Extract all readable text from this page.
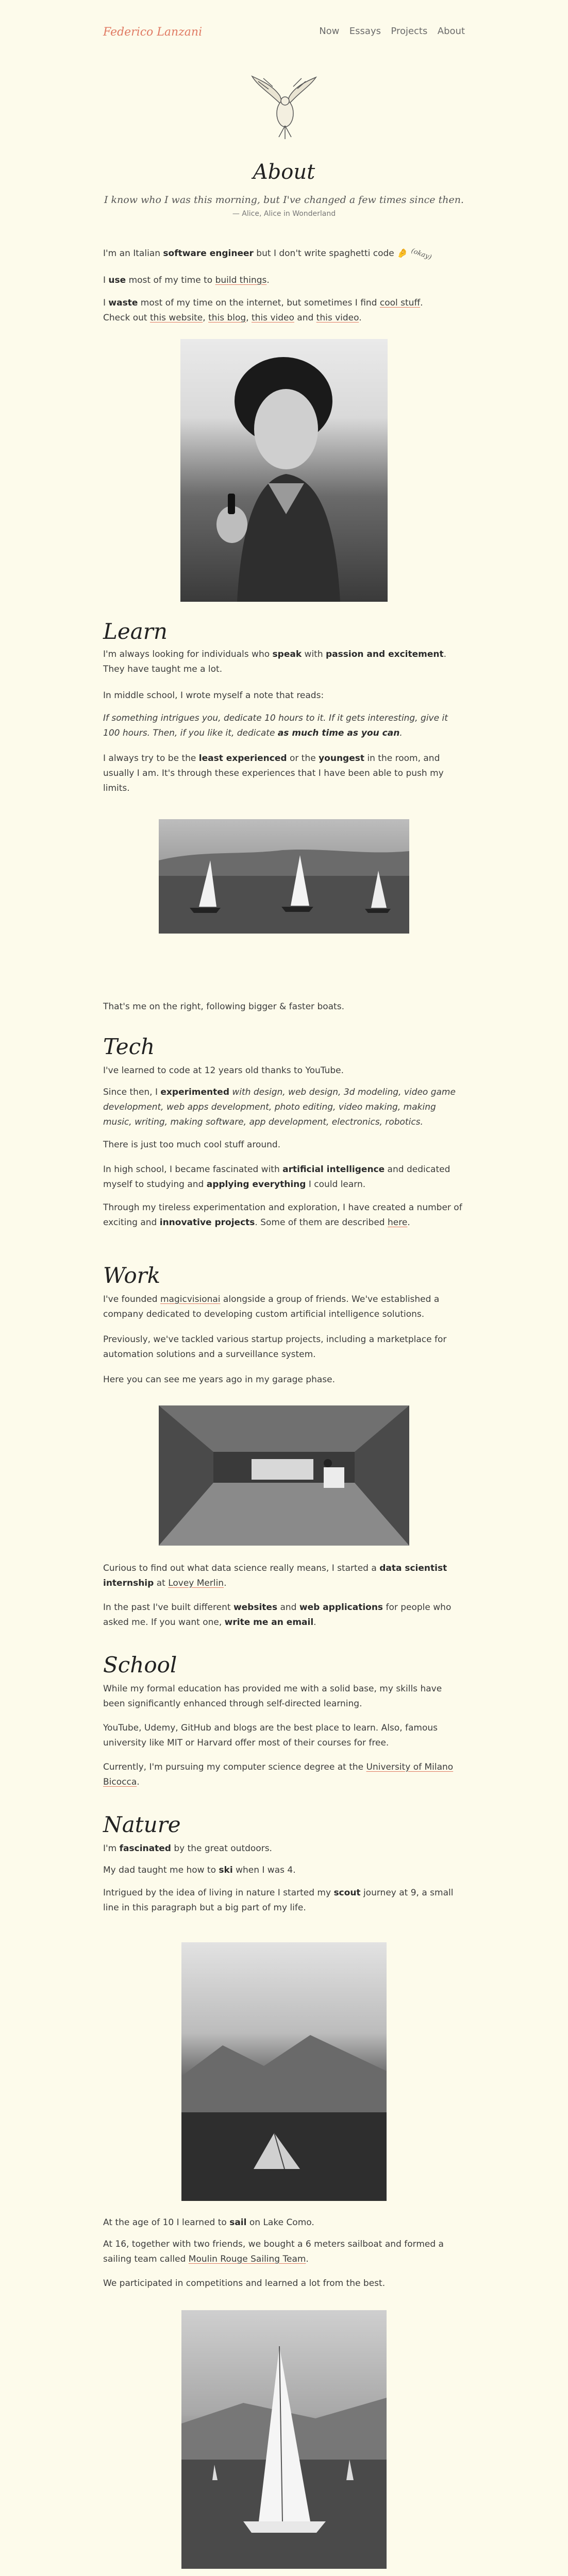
Federico Lanzani	Now Essays Projects About
About
I know who I was this morning, but I've changed a few times since then.
— Alice, Alice in Wonderland
I'm an Italian software engineer but I don't write spaghetti code 🤌 (okay)
I use most of my time to build things.
I waste most of my time on the internet, but sometimes I find cool stuff.
Check out this website, this blog, this video and this video.
Learn
I'm always looking for individuals who speak with passion and excitement. They have taught me a lot.
In middle school, I wrote myself a note that reads:
If something intrigues you, dedicate 10 hours to it. If it gets interesting, give it 100 hours. Then, if you like it, dedicate as much time as you can.
I always try to be the least experienced or the youngest in the room, and usually I am. It's through these experiences that I have been able to push my limits.
That's me on the right, following bigger & faster boats.
Tech
I've learned to code at 12 years old thanks to YouTube.
Since then, I experimented with design, web design, 3d modeling, video game development, web apps development, photo editing, video making, making music, writing, making software, app development, electronics, robotics.
There is just too much cool stuff around.
In high school, I became fascinated with artificial intelligence and dedicated myself to studying and applying everything I could learn.
Through my tireless experimentation and exploration, I have created a number of exciting and innovative projects. Some of them are described here.
Work
I've founded magicvisionai alongside a group of friends. We've established a company dedicated to developing custom artificial intelligence solutions.
Previously, we've tackled various startup projects, including a marketplace for automation solutions and a surveillance system.
Here you can see me years ago in my garage phase.
Curious to find out what data science really means, I started a data scientist internship at Lovey Merlin.
In the past I've built different websites and web applications for people who asked me. If you want one, write me an email.
School
While my formal education has provided me with a solid base, my skills have been significantly enhanced through self-directed learning.
YouTube, Udemy, GitHub and blogs are the best place to learn. Also, famous university like MIT or Harvard offer most of their courses for free.
Currently, I'm pursuing my computer science degree at the University of Milano Bicocca.
Nature
I'm fascinated by the great outdoors.
My dad taught me how to ski when I was 4.
Intrigued by the idea of living in nature I started my scout journey at 9, a small line in this paragraph but a big part of my life.
At the age of 10 I learned to sail on Lake Como.
At 16, together with two friends, we bought a 6 meters sailboat and formed a sailing team called Moulin Rouge Sailing Team.
We participated in competitions and learned a lot from the best.
